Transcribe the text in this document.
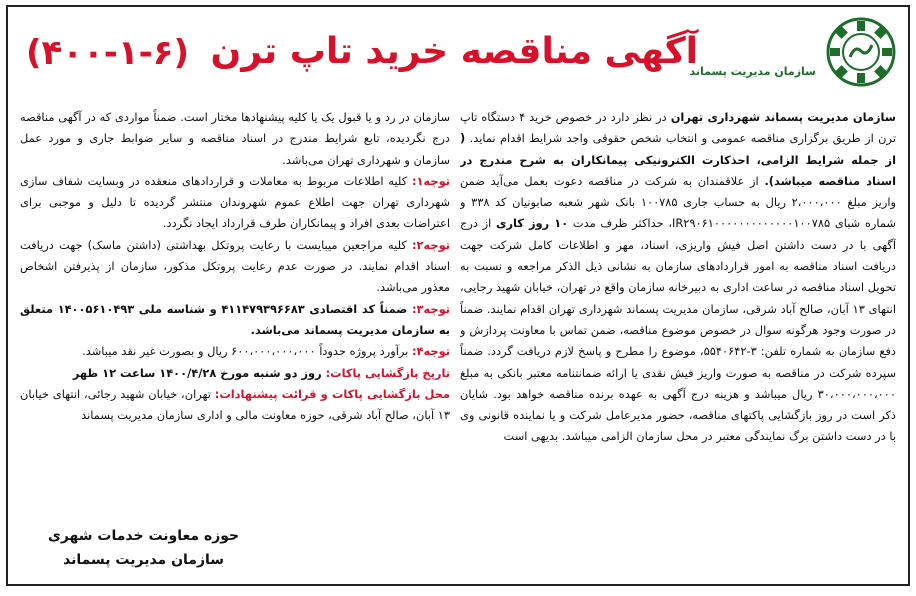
سازمان مدیریت پسماند
آگهی مناقصه خرید تاپ ترن
(۴۰۰-۱-۶)

سازمان مدیریت پسماند شهرداری تهران در نظر دارد در خصوص خرید ۴ دستگاه تاپ ترن از طریق برگزاری مناقصه عمومی و انتخاب شخص حقوقی واجد شرایط اقدام نماید. ( از جمله شرایط الزامی، احذکارت الکترونیکی پیمانکاران به شرح مندرج در اسناد مناقصه میباشد). از علاقمندان به شرکت در مناقصه دعوت بعمل می‌آید ضمن واریز مبلغ ۲،۰۰۰،۰۰۰ ریال به حساب جاری ۱۰۰۷۸۵ بانک شهر شعبه صابونیان کد ۳۳۸ و شماره شبای IR۲۹۰۶۱۰۰۰۰۰۰۰۰۰۰۰۰۰۱۰۰۷۸۵، حداکثر ظرف مدت ۱۰ روز کاری از درج آگهی با در دست داشتن اصل فیش واریزی، اسناد، مهر و اطلاعات کامل شرکت جهت دریافت اسناد مناقصه به امور قراردادهای سازمان به نشانی ذیل الذکر مراجعه و نسبت به تحویل اسناد مناقصه در ساعت اداری به دبیرخانه سازمان واقع در تهران، خیابان شهید رجایی، انتهای ۱۳ آبان، صالح آباد شرقی، سازمان مدیریت پسماند شهرداری تهران اقدام نمایند. ضمناً در صورت وجود هرگونه سوال در خصوص موضوع مناقصه، ضمن تماس با معاونت پردازش و دفع سازمان به شماره تلفن: ۳-۵۵۴۰۶۴۲، موضوع را مطرح و پاسخ لازم دریافت گردد. ضمناً سپرده شرکت در مناقصه به صورت واریز فیش نقدی یا ارائه ضمانتنامه معتبر بانکی به مبلغ ۳۰،۰۰۰،۰۰۰،۰۰۰ ریال میباشد و هزینه درج آگهی به عهده برنده مناقصه خواهد بود. شایان ذکر است در روز بازگشایی پاکتهای مناقصه، حضور مدیرعامل شرکت و یا نماینده قانونی وی با در دست داشتن برگ نمایندگی معتبر در محل سازمان الزامی میباشد. بدیهی است

سازمان در رد و یا قبول یک یا کلیه پیشنهادها مختار است. ضمناً مواردی که در آگهی مناقصه درج نگردیده، تابع شرایط مندرج در اسناد مناقصه و سایر ضوابط جاری و مورد عمل سازمان و شهرداری تهران می‌باشد.

توجه۱: کلیه اطلاعات مربوط به معاملات و قراردادهای منعقده در وبسایت شفاف سازی شهرداری تهران جهت اطلاع عموم شهروندان منتشر گردیده تا دلیل و موجبی برای اعتراضات بعدی افراد و پیمانکاران طرف قرارداد ایجاد نگردد.

توجه۲: کلیه مراجعین میبایست با رعایت پروتکل بهداشتی (داشتن ماسک) جهت دریافت اسناد اقدام نمایند. در صورت عدم رعایت پروتکل مذکور، سازمان از پذیرفتن اشخاص معذور می‌باشد.

توجه۳: ضمناً کد اقتصادی ۴۱۱۴۷۹۳۹۶۶۸۳ و شناسه ملی ۱۴۰۰۵۶۱۰۴۹۳ متعلق به سازمان مدیریت پسماند می‌باشد.

توجه۴: برآورد پروژه حدوداً ۶۰۰،۰۰۰،۰۰۰،۰۰۰ ریال و بصورت غیر نقد میباشد.

تاریخ بازگشایی پاکات: روز دو شنبه مورخ ۱۴۰۰/۴/۲۸ ساعت ۱۲ ظهر

محل بازگشایی پاکات و قرائت پیشنهادات: تهران، خیابان شهید رجائی، انتهای خیابان ۱۳ آبان، صالح آباد شرقی، حوزه معاونت مالی و اداری سازمان مدیریت پسماند

حوزه معاونت خدمات شهری
سازمان مدیریت پسماند
